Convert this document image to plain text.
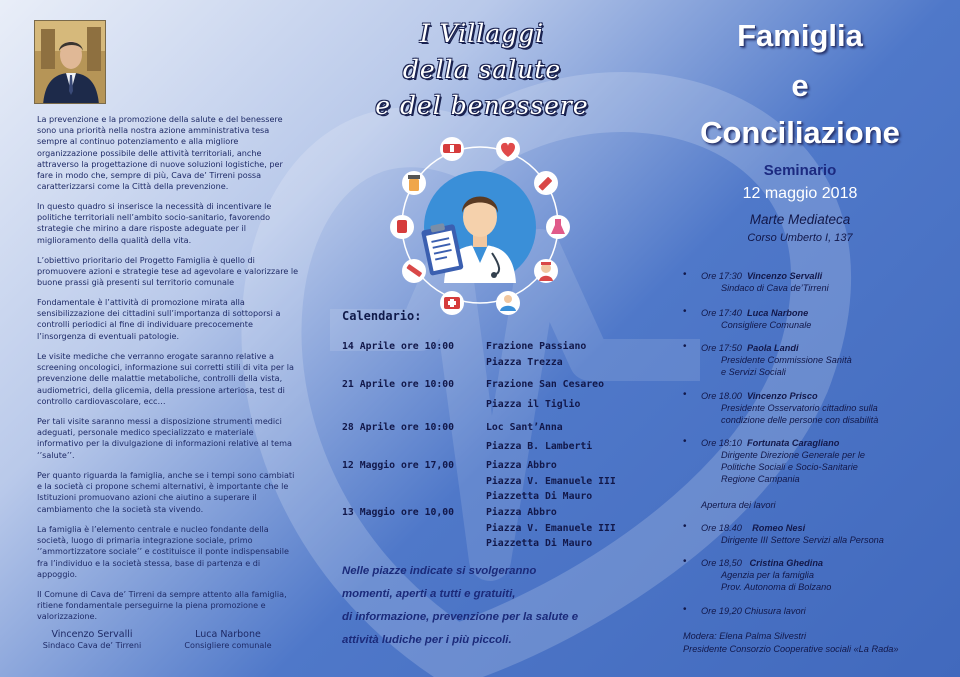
La prevenzione e la promozione della salute e del benessere sono una priorità nella nostra azione amministrativa tesa sempre al continuo potenziamento e alla migliore organizzazione possibile delle attività territoriali, anche attraverso la progettazione di nuove soluzioni logistiche, per fare in modo che, sempre di più, Cava de’ Tirreni possa caratterizzarsi come la Città della prevenzione.
In questo quadro si inserisce la necessità di incentivare le politiche territoriali nell’ambito socio-sanitario, favorendo strategie che mirino a dare risposte adeguate per il miglioramento della qualità della vita.
L’obiettivo prioritario del Progetto Famiglia è quello di promuovere azioni e strategie tese ad agevolare e valorizzare le buone prassi già presenti sul territorio comunale
Fondamentale è l’attività di promozione mirata alla sensibilizzazione dei cittadini sull’importanza di sottoporsi a controlli periodici al fine di individuare precocemente l’insorgenza di eventuali patologie.
Le visite mediche che verranno erogate saranno relative a screening oncologici, informazione sui corretti stili di vita per la prevenzione delle malattie metaboliche, controlli della vista, audiometrici, della glicemia, della pressione arteriosa, test di controllo cardiovascolare, ecc…
Per tali visite saranno messi a disposizione strumenti medici adeguati, personale medico specializzato e materiale informativo per la divulgazione di informazioni relative al tema ‘’salute’’.
Per quanto riguarda la famiglia, anche se i tempi sono cambiati e la società ci propone schemi alternativi, è importante che le Istituzioni promuovano azioni che aiutino a superare il cambiamento che la società sta vivendo.
La famiglia è l’elemento centrale e nucleo fondante della società, luogo di primaria integrazione sociale, primo ‘’ammortizzatore sociale’’ e costituisce il ponte indispensabile fra l’individuo e la società stessa, base di partenza e di appoggio.
Il Comune di Cava de’ Tirreni da sempre attento alla famiglia, ritiene fondamentale perseguirne la piena promozione e valorizzazione.
Vincenzo Servalli
Sindaco Cava de’ Tirreni
Luca Narbone
Consigliere comunale
I Villaggi
della salute
e del benessere
Calendario:
14 Aprile ore 10:00	Frazione Passiano
Piazza Trezza
21 Aprile ore 10:00	Frazione San Cesareo
Piazza il Tiglio
28 Aprile ore 10:00	Loc Sant’Anna
Piazza B. Lamberti
12 Maggio ore 17,00	Piazza Abbro
Piazza V. Emanuele III
Piazzetta Di Mauro
13 Maggio ore 10,00	Piazza Abbro
Piazza V. Emanuele III
Piazzetta Di Mauro
Nelle piazze indicate si svolgeranno
momenti, aperti a tutti e gratuiti,
di informazione, prevenzione per la salute e
attività ludiche per i più piccoli.
Famiglia
e
Conciliazione
Seminario
12 maggio 2018
Marte Mediateca
Corso Umberto I, 137
• Ore 17:30 Vincenzo Servalli
Sindaco di Cava de’Tirreni
• Ore 17:40 Luca Narbone
Consigliere Comunale
• Ore 17:50 Paola Landi
Presidente Commissione Sanità
e Servizi Sociali
• Ore 18.00 Vincenzo Prisco
Presidente Osservatorio cittadino sulla
condizione delle persone con disabilità
• Ore 18:10 Fortunata Caragliano
Dirigente Direzione Generale per le
Politiche Sociali e Socio-Sanitarie
Regione Campania
Apertura dei lavori
• Ore 18.40 Romeo Nesi
Dirigente III Settore Servizi alla Persona
• Ore 18,50 Cristina Ghedina
Agenzia per la famiglia
Prov. Autonoma di Bolzano
• Ore 19,20 Chiusura lavori
Modera: Elena Palma Silvestri
Presidente Consorzio Cooperative sociali «La Rada»
